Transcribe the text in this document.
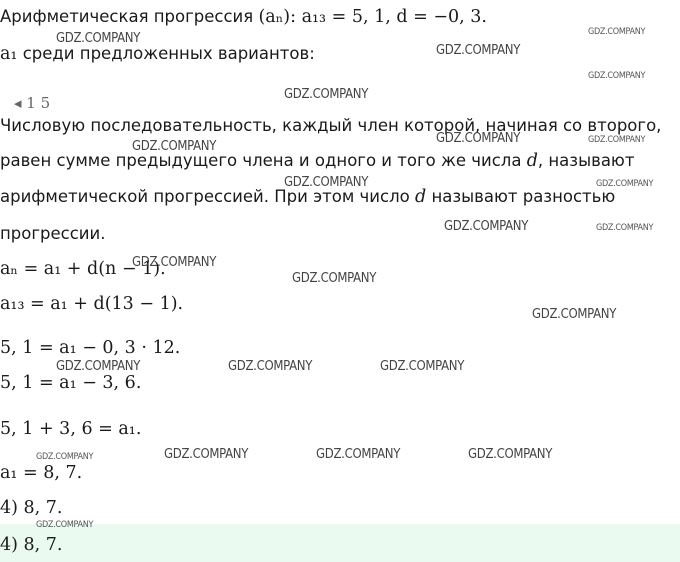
Арифметическая прогрессия (aₙ): a₁₃ = 5, 1, d = −0, 3.
a₁ среди предложенных вариантов:
◂ 1 5
Числовую последовательность, каждый член которой, начиная со второго,
равен сумме предыдущего члена и одного и того же числа d, называют
арифметической прогрессией. При этом число d называют разностью
прогрессии.
aₙ = a₁ + d(n − 1).
a₁₃ = a₁ + d(13 − 1).
5, 1 = a₁ − 0, 3 · 12.
5, 1 = a₁ − 3, 6.
5, 1 + 3, 6 = a₁.
a₁ = 8, 7.
4) 8, 7.
4) 8, 7.
GDZ.COMPANY
GDZ.COMPANY
GDZ.COMPANY
GDZ.COMPANY
GDZ.COMPANY
GDZ.COMPANY
GDZ.COMPANY	GDZ.COMPANY
GDZ.COMPANY	GDZ.COMPANY
GDZ.COMPANY	GDZ.COMPANY
GDZ.COMPANY
GDZ.COMPANY
GDZ.COMPANY
GDZ.COMPANY	GDZ.COMPANY	GDZ.COMPANY
GDZ.COMPANY	GDZ.COMPANY	GDZ.COMPANY	GDZ.COMPANY
GDZ.COMPANY
